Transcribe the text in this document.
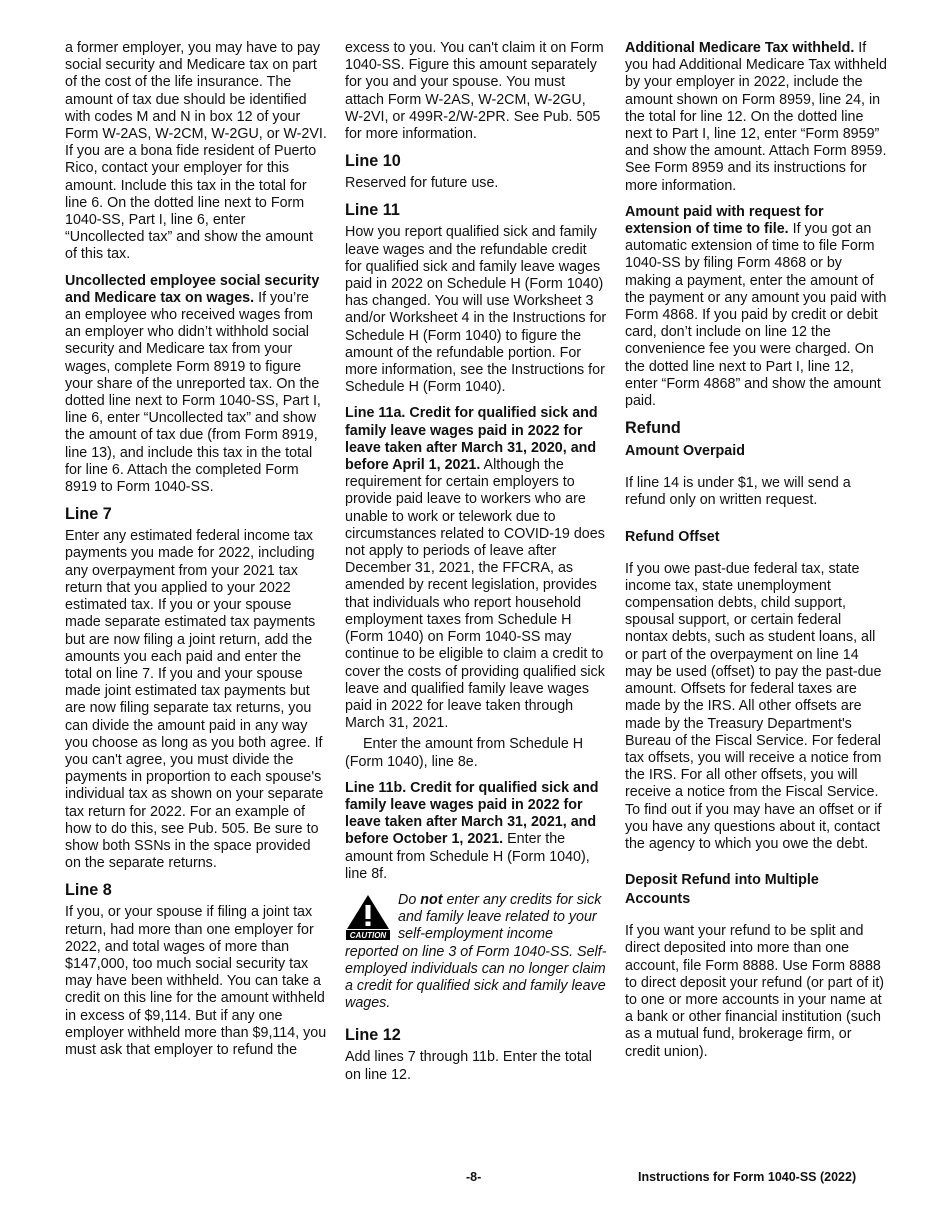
a former employer, you may have to pay social security and Medicare tax on part of the cost of the life insurance. The amount of tax due should be identified with codes M and N in box 12 of your Form W-2AS, W-2CM, W-2GU, or W-2VI. If you are a bona fide resident of Puerto Rico, contact your employer for this amount. Include this tax in the total for line 6. On the dotted line next to Form 1040-SS, Part I, line 6, enter “Uncollected tax” and show the amount of this tax.

Uncollected employee social security and Medicare tax on wages. If you’re an employee who received wages from an employer who didn’t withhold social security and Medicare tax from your wages, complete Form 8919 to figure your share of the unreported tax. On the dotted line next to Form 1040-SS, Part I, line 6, enter “Uncollected tax” and show the amount of tax due (from Form 8919, line 13), and include this tax in the total for line 6. Attach the completed Form 8919 to Form 1040-SS.

Line 7

Enter any estimated federal income tax payments you made for 2022, including any overpayment from your 2021 tax return that you applied to your 2022 estimated tax. If you or your spouse made separate estimated tax payments but are now filing a joint return, add the amounts you each paid and enter the total on line 7. If you and your spouse made joint estimated tax payments but are now filing separate tax returns, you can divide the amount paid in any way you choose as long as you both agree. If you can't agree, you must divide the payments in proportion to each spouse's individual tax as shown on your separate tax return for 2022. For an example of how to do this, see Pub. 505. Be sure to show both SSNs in the space provided on the separate returns.

Line 8

If you, or your spouse if filing a joint tax return, had more than one employer for 2022, and total wages of more than $147,000, too much social security tax may have been withheld. You can take a credit on this line for the amount withheld in excess of $9,114. But if any one employer withheld more than $9,114, you must ask that employer to refund the

excess to you. You can't claim it on Form 1040-SS. Figure this amount separately for you and your spouse. You must attach Form W-2AS, W-2CM, W-2GU, W-2VI, or 499R-2/W-2PR. See Pub. 505 for more information.

Line 10

Reserved for future use.

Line 11

How you report qualified sick and family leave wages and the refundable credit for qualified sick and family leave wages paid in 2022 on Schedule H (Form 1040) has changed. You will use Worksheet 3 and/or Worksheet 4 in the Instructions for Schedule H (Form 1040) to figure the amount of the refundable portion. For more information, see the Instructions for Schedule H (Form 1040).

Line 11a. Credit for qualified sick and family leave wages paid in 2022 for leave taken after March 31, 2020, and before April 1, 2021. Although the requirement for certain employers to provide paid leave to workers who are unable to work or telework due to circumstances related to COVID-19 does not apply to periods of leave after December 31, 2021, the FFCRA, as amended by recent legislation, provides that individuals who report household employment taxes from Schedule H (Form 1040) on Form 1040-SS may continue to be eligible to claim a credit to cover the costs of providing qualified sick leave and qualified family leave wages paid in 2022 for leave taken through March 31, 2021.

Enter the amount from Schedule H (Form 1040), line 8e.

Line 11b. Credit for qualified sick and family leave wages paid in 2022 for leave taken after March 31, 2021, and before October 1, 2021. Enter the amount from Schedule H (Form 1040), line 8f.

CAUTION
Do not enter any credits for sick and family leave related to your self-employment income reported on line 3 of Form 1040-SS. Self-employed individuals can no longer claim a credit for qualified sick and family leave wages.
Line 12

Add lines 7 through 11b. Enter the total on line 12.

Additional Medicare Tax withheld. If you had Additional Medicare Tax withheld by your employer in 2022, include the amount shown on Form 8959, line 24, in the total for line 12. On the dotted line next to Part I, line 12, enter “Form 8959” and show the amount. Attach Form 8959. See Form 8959 and its instructions for more information.

Amount paid with request for extension of time to file. If you got an automatic extension of time to file Form 1040-SS by filing Form 4868 or by making a payment, enter the amount of the payment or any amount you paid with Form 4868. If you paid by credit or debit card, don’t include on line 12 the convenience fee you were charged. On the dotted line next to Part I, line 12, enter “Form 4868” and show the amount paid.

Refund
Amount Overpaid

If line 14 is under $1, we will send a refund only on written request.

Refund Offset

If you owe past-due federal tax, state income tax, state unemployment compensation debts, child support, spousal support, or certain federal nontax debts, such as student loans, all or part of the overpayment on line 14 may be used (offset) to pay the past-due amount. Offsets for federal taxes are made by the IRS. All other offsets are made by the Treasury Department's Bureau of the Fiscal Service. For federal tax offsets, you will receive a notice from the IRS. For all other offsets, you will receive a notice from the Fiscal Service. To find out if you may have an offset or if you have any questions about it, contact the agency to which you owe the debt.

Deposit Refund into Multiple Accounts

If you want your refund to be split and direct deposited into more than one account, file Form 8888. Use Form 8888 to direct deposit your refund (or part of it) to one or more accounts in your name at a bank or other financial institution (such as a mutual fund, brokerage firm, or credit union).

-8-	Instructions for Form 1040-SS (2022)
